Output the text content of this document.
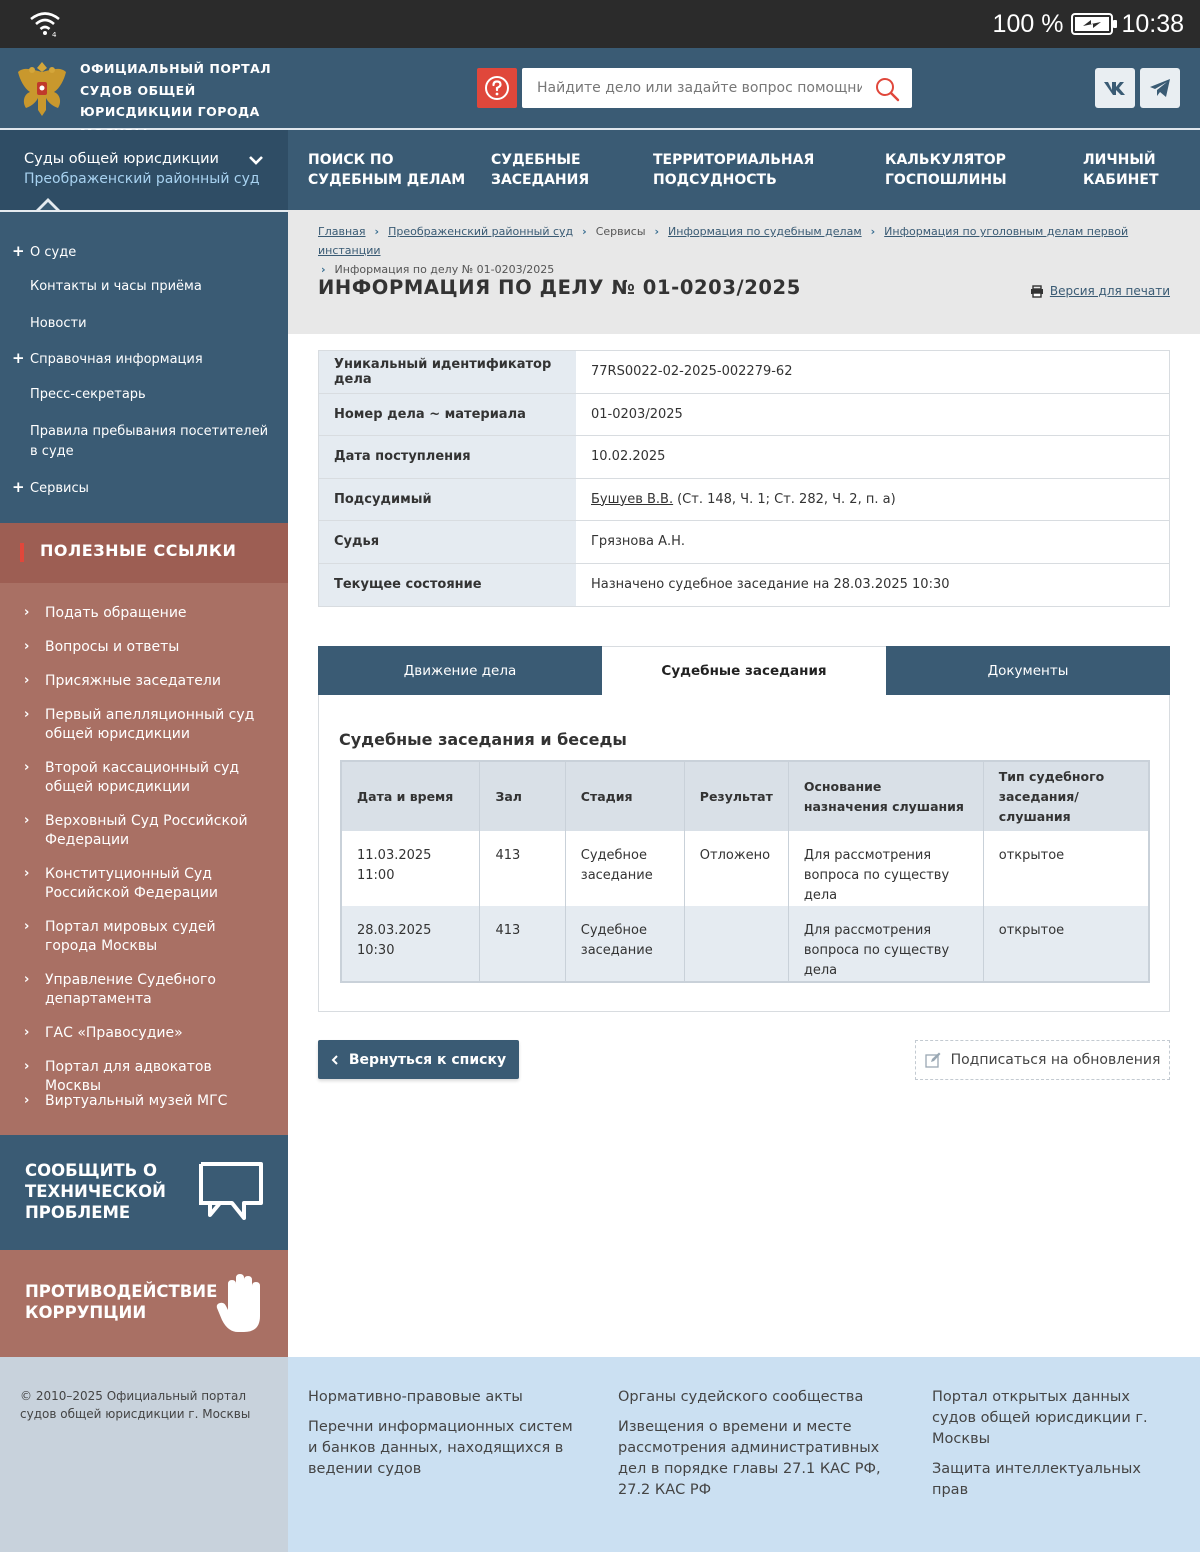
4	100 % 10:38
ОФИЦИАЛЬНЫЙ ПОРТАЛ СУДОВ ОБЩЕЙ ЮРИСДИКЦИИ ГОРОДА
Найдите дело или задайте вопрос помощнику
Суды общей юрисдикции
Преображенский районный суд
ПОИСК ПО
СУДЕБНЫМ ДЕЛАМ
СУДЕБНЫЕ
ЗАСЕДАНИЯ
ТЕРРИТОРИАЛЬНАЯ
ПОДСУДНОСТЬ
КАЛЬКУЛЯТОР
ГОСПОШЛИНЫ
ЛИЧНЫЙ
КАБИНЕТ
+ О суде
Контакты и часы приёма
Новости
+ Справочная информация
Пресс-секретарь
Правила пребывания посетителей в суде
+ Сервисы
ПОЛЕЗНЫЕ ССЫЛКИ
› Подать обращение
› Вопросы и ответы
› Присяжные заседатели
› Первый апелляционный суд общей юрисдикции
› Второй кассационный суд общей юрисдикции
› Верховный Суд Российской Федерации
› Конституционный Суд Российской Федерации
› Портал мировых судей города Москвы
› Управление Судебного департамента
› ГАС «Правосудие»
› Портал для адвокатов Москвы
› Виртуальный музей МГС
СООБЩИТЬ О ТЕХНИЧЕСКОЙ ПРОБЛЕМЕ
ПРОТИВОДЕЙСТВИЕ КОРРУПЦИИ
Главная › Преображенский районный суд › Сервисы › Информация по судебным делам › Информация по уголовным делам первой инстанции
› Информация по делу № 01-0203/2025
ИНФОРМАЦИЯ ПО ДЕЛУ № 01-0203/2025	Версия для печати
Уникальный идентификатор дела	77RS0022-02-2025-002279-62
Номер дела ~ материала	01-0203/2025
Дата поступления	10.02.2025
Подсудимый	Бушуев В.В. (Ст. 148, Ч. 1; Ст. 282, Ч. 2, п. а)
Судья	Грязнова А.Н.
Текущее состояние	Назначено судебное заседание на 28.03.2025 10:30
Движение дела	Судебные заседания	Документы
Судебные заседания и беседы
Дата и время	Зал	Стадия	Результат	Основание назначения слушания	Тип судебного заседания/слушания
11.03.2025 11:00	413	Судебное заседание	Отложено	Для рассмотрения вопроса по существу дела	открытое
28.03.2025 10:30	413	Судебное заседание		Для рассмотрения вопроса по существу дела	открытое
Вернуться к списку	Подписаться на обновления
© 2010–2025 Официальный портал судов общей юрисдикции г. Москвы
Нормативно-правовые акты
Перечни информационных систем и банков данных, находящихся в ведении судов
Органы судейского сообщества
Извещения о времени и месте рассмотрения административных дел в порядке главы 27.1 КАС РФ, 27.2 КАС РФ
Портал открытых данных судов общей юрисдикции г. Москвы
Защита интеллектуальных прав
